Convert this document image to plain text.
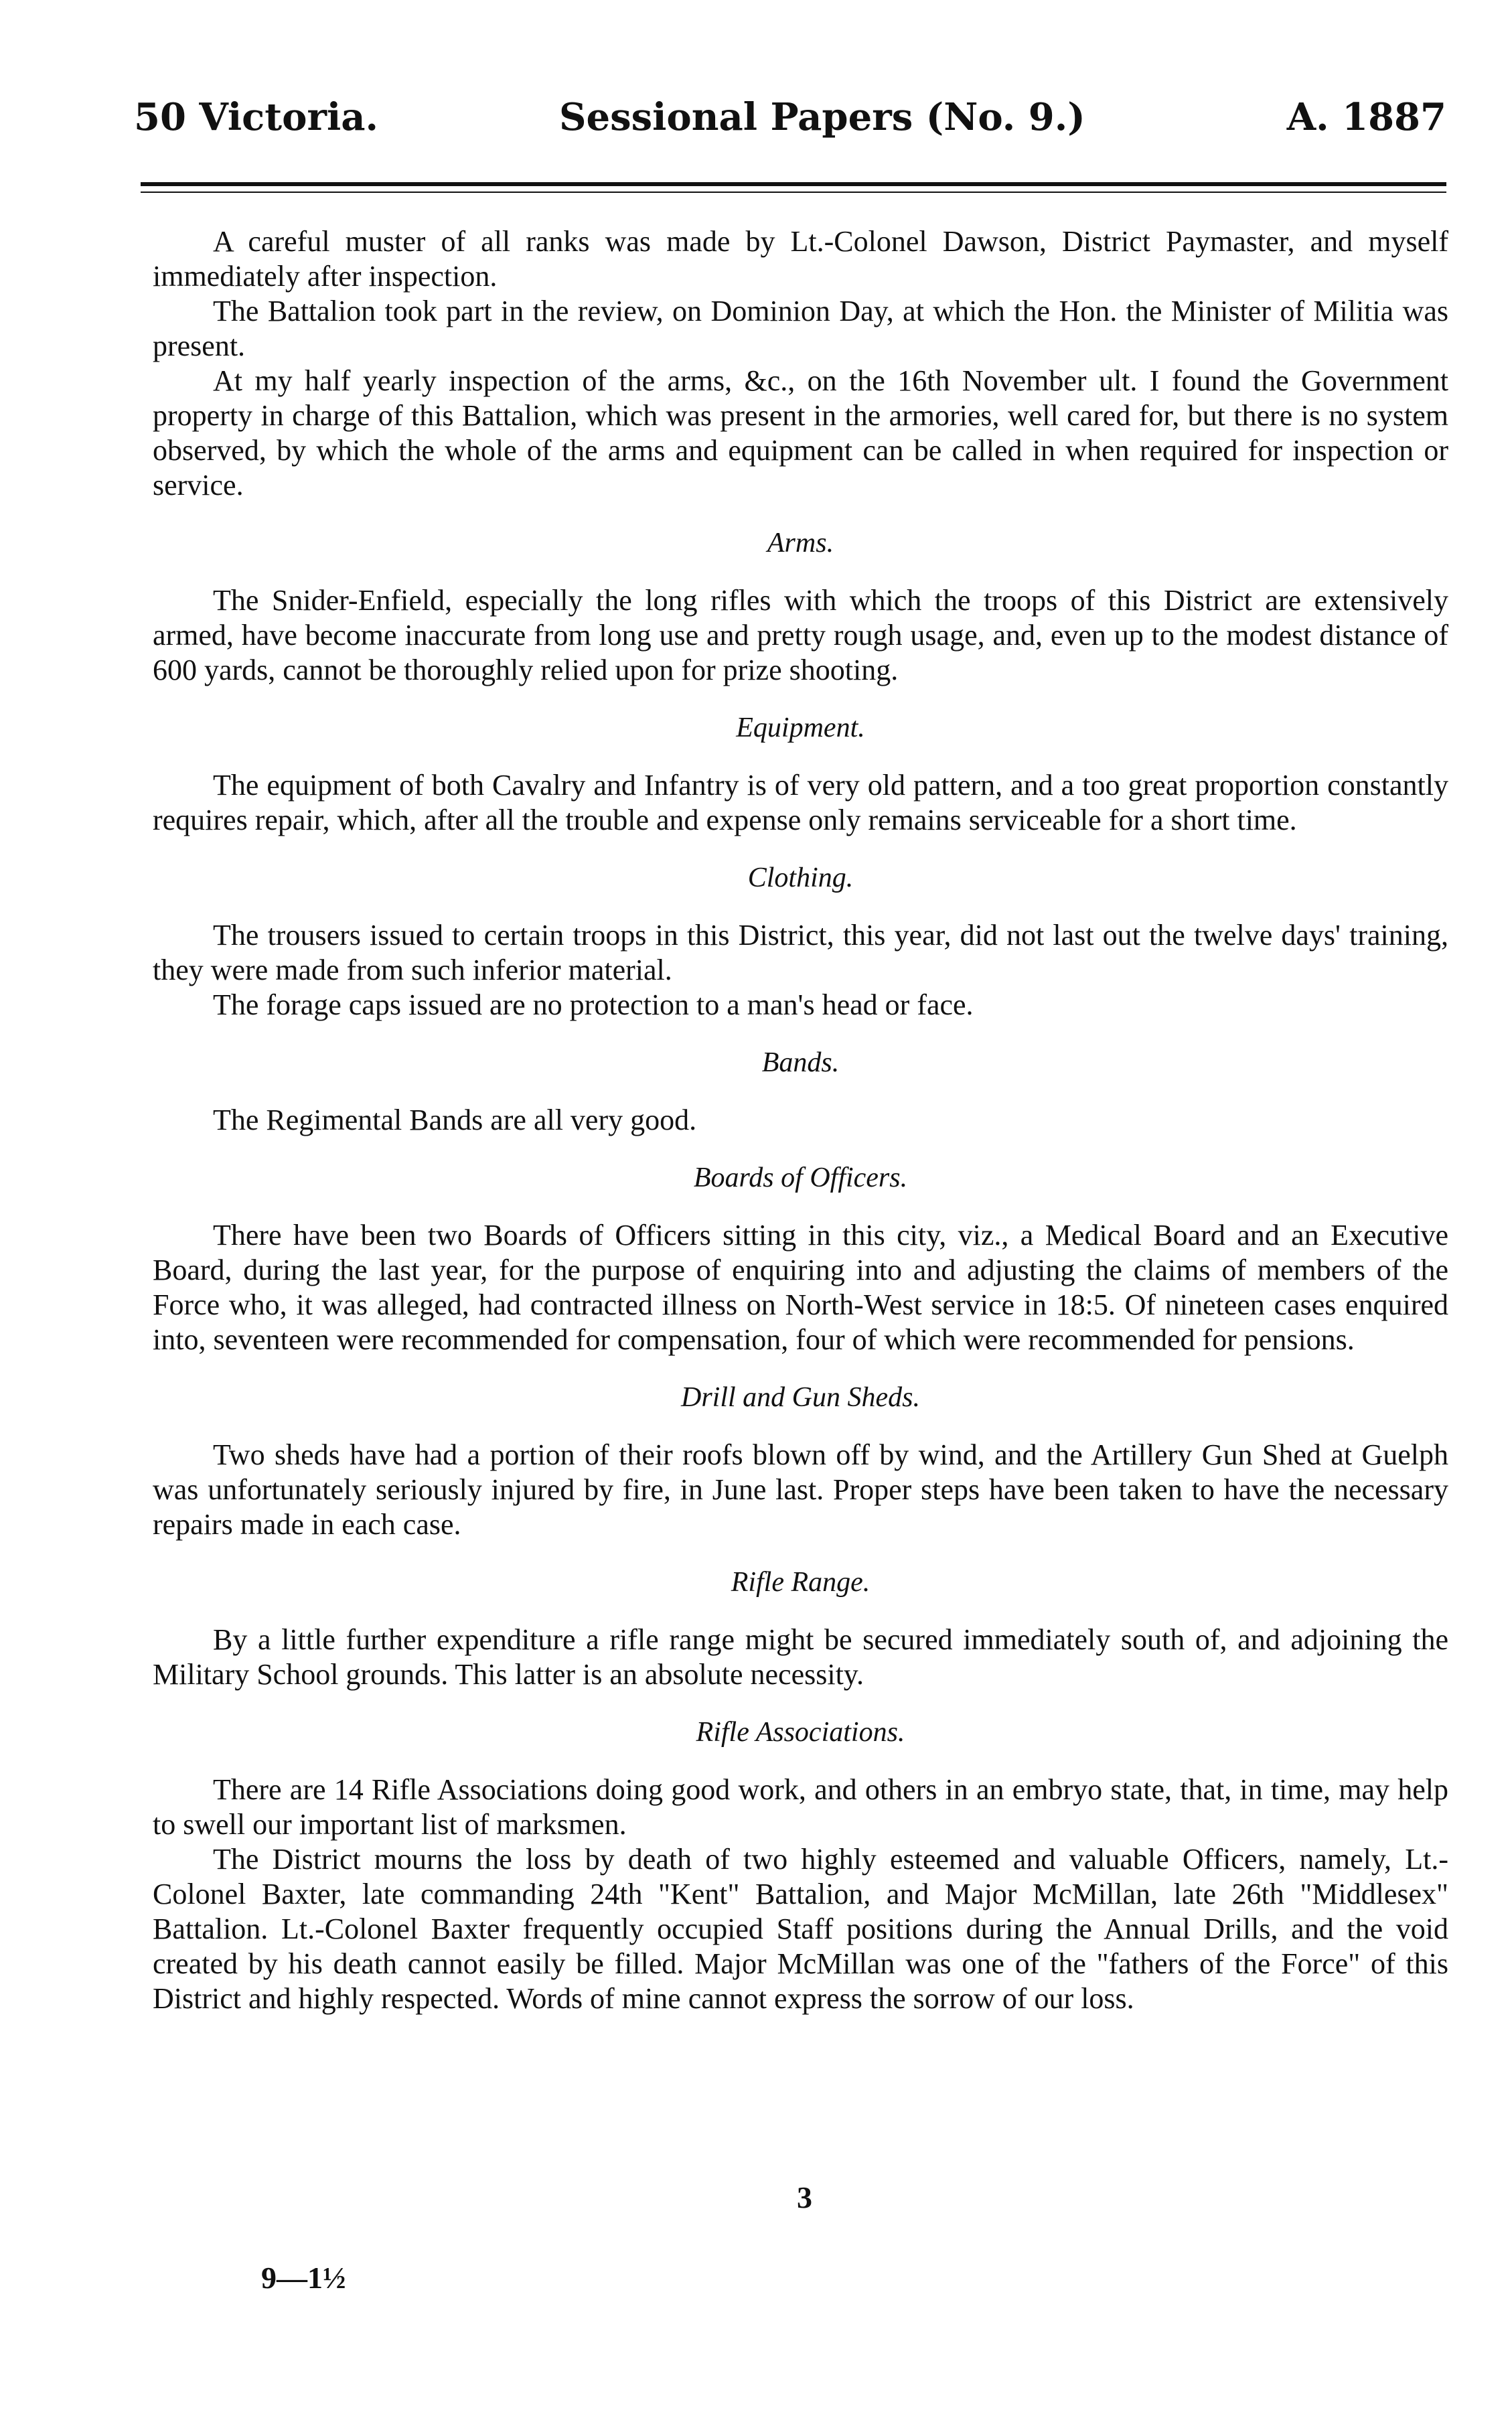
50 Victoria.	Sessional Papers (No. 9.)	A. 1887

A careful muster of all ranks was made by Lt.-Colonel Dawson, District Paymaster, and myself immediately after inspection.

The Battalion took part in the review, on Dominion Day, at which the Hon. the Minister of Militia was present.

At my half yearly inspection of the arms, &c., on the 16th November ult. I found the Government property in charge of this Battalion, which was present in the armories, well cared for, but there is no system observed, by which the whole of the arms and equipment can be called in when required for inspection or service.

Arms.

The Snider-Enfield, especially the long rifles with which the troops of this District are extensively armed, have become inaccurate from long use and pretty rough usage, and, even up to the modest distance of 600 yards, cannot be thoroughly relied upon for prize shooting.

Equipment.

The equipment of both Cavalry and Infantry is of very old pattern, and a too great proportion constantly requires repair, which, after all the trouble and expense only remains serviceable for a short time.

Clothing.

The trousers issued to certain troops in this District, this year, did not last out the twelve days' training, they were made from such inferior material.

The forage caps issued are no protection to a man's head or face.

Bands.

The Regimental Bands are all very good.

Boards of Officers.

There have been two Boards of Officers sitting in this city, viz., a Medical Board and an Executive Board, during the last year, for the purpose of enquiring into and adjusting the claims of members of the Force who, it was alleged, had contracted illness on North-West service in 18:5. Of nineteen cases enquired into, seventeen were recommended for compensation, four of which were recommended for pensions.

Drill and Gun Sheds.

Two sheds have had a portion of their roofs blown off by wind, and the Artillery Gun Shed at Guelph was unfortunately seriously injured by fire, in June last. Proper steps have been taken to have the necessary repairs made in each case.

Rifle Range.

By a little further expenditure a rifle range might be secured immediately south of, and adjoining the Military School grounds. This latter is an absolute necessity.

Rifle Associations.

There are 14 Rifle Associations doing good work, and others in an embryo state, that, in time, may help to swell our important list of marksmen.

The District mourns the loss by death of two highly esteemed and valuable Officers, namely, Lt.-Colonel Baxter, late commanding 24th "Kent" Battalion, and Major McMillan, late 26th "Middlesex" Battalion. Lt.-Colonel Baxter frequently occupied Staff positions during the Annual Drills, and the void created by his death cannot easily be filled. Major McMillan was one of the "fathers of the Force" of this District and highly respected. Words of mine cannot express the sorrow of our loss.

3
9—1½
